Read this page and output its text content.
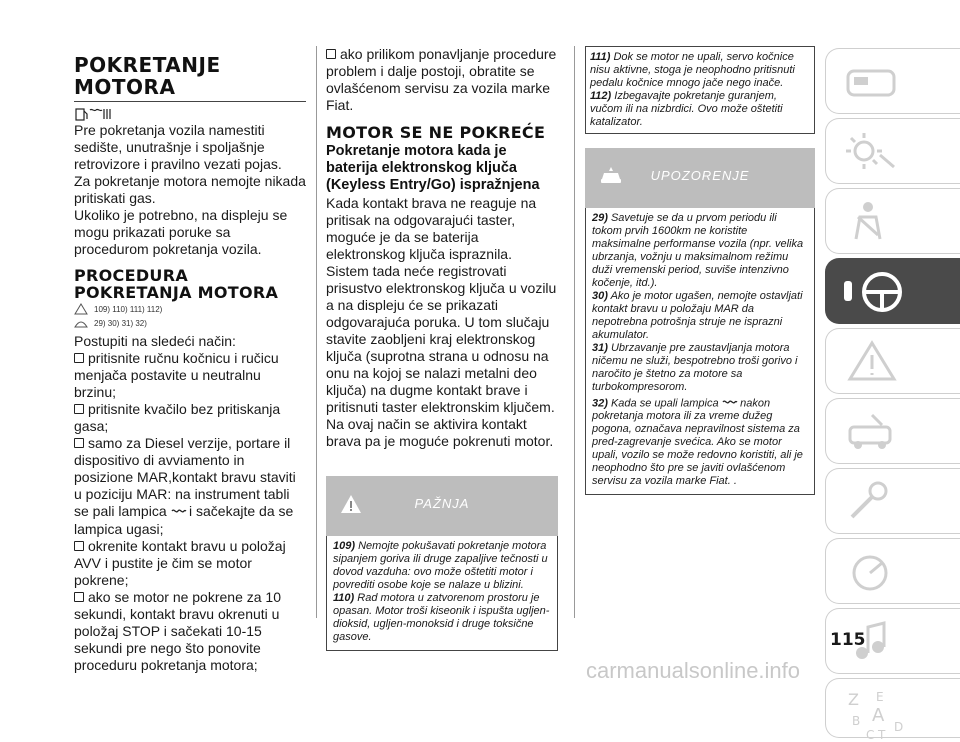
POKRETANJE
MOTORA

Pre pokretanja vozila namestiti sedište, unutrašnje i spoljašnje retrovizore i pravilno vezati pojas.

Za pokretanje motora nemojte nikada pritiskati gas.

Ukoliko je potrebno, na displeju se mogu prikazati poruke sa procedurom pokretanja vozila.

PROCEDURA
POKRETANJA MOTORA
109) 110) 111) 112)
29) 30) 31) 32)

Postupiti na sledeći način:

pritisnite ručnu kočnicu i ručicu menjača postavite u neutralnu brzinu;

pritisnite kvačilo bez pritiskanja gasa;

samo za Diesel verzije, portare il dispositivo di avviamento in posizione MAR,kontakt bravu staviti u poziciju MAR: na instrument tabli se pali lampica i sačekajte da se lampica ugasi;

okrenite kontakt bravu u položaj AVV i pustite je čim se motor pokrene;

ako se motor ne pokrene za 10 sekundi, kontakt bravu okrenuti u položaj STOP i sačekati 10-15 sekundi pre nego što ponovite proceduru pokretanja motora;

ako prilikom ponavljanje procedure problem i dalje postoji, obratite se ovlašćenom servisu za vozila marke Fiat.

MOTOR SE NE POKREĆE
Pokretanje motora kada je baterija elektronskog ključa (Keyless Entry/Go) ispražnjena

Kada kontakt brava ne reaguje na pritisak na odgovarajući taster, moguće je da se baterija elektronskog ključa ispraznila. Sistem tada neće registrovati prisustvo elektronskog ključa u vozilu a na displeju će se prikazati odgovarajuća poruka. U tom slučaju stavite zaobljeni kraj elektronskog ključa (suprotna strana u odnosu na onu na kojoj se nalazi metalni deo ključa) na dugme kontakt brave i pritisnuti taster elektronskim ključem. Na ovaj način se aktivira kontakt brava pa je moguće pokrenuti motor.

PAŽNJA
109) Nemojte pokušavati pokretanje motora sipanjem goriva ili druge zapaljive tečnosti u dovod vazduha: ovo može oštetiti motor i povrediti osobe koje se nalaze u blizini.
110) Rad motora u zatvorenom prostoru je opasan. Motor troši kiseonik i ispušta ugljen-dioksid, ugljen-monoksid i druge toksične gasove.
111) Dok se motor ne upali, servo kočnice nisu aktivne, stoga je neophodno pritisnuti pedalu kočnice mnogo jače nego inače.
112) Izbegavajte pokretanje guranjem, vučom ili na nizbrdici. Ovo može oštetiti katalizator.
UPOZORENJE
29) Savetuje se da u prvom periodu ili tokom prvih 1600km ne koristite maksimalne performanse vozila (npr. velika ubrzanja, vožnju u maksimalnom režimu duži vremenski period, suviše intenzivno kočenje, itd.).
30) Ako je motor ugašen, nemojte ostavljati kontakt bravu u položaju MAR da nepotrebna potrošnja struje ne isprazni akumulator.
31) Ubrzavanje pre zaustavljanja motora ničemu ne služi, bespotrebno troši gorivo i naročito je štetno za motore sa turbokompresorom.
32) Kada se upali lampica nakon pokretanja motora ili za vreme dužeg pogona, označava nepravilnost sistema za pred-zagrevanje svećica. Ako se motor upali, vozilo se može redovno koristiti, ali je neophodno što pre se javiti ovlašćenom servisu za vozila marke Fiat. .
Z E
B A
C T
D
115
carmanualsonline.info
